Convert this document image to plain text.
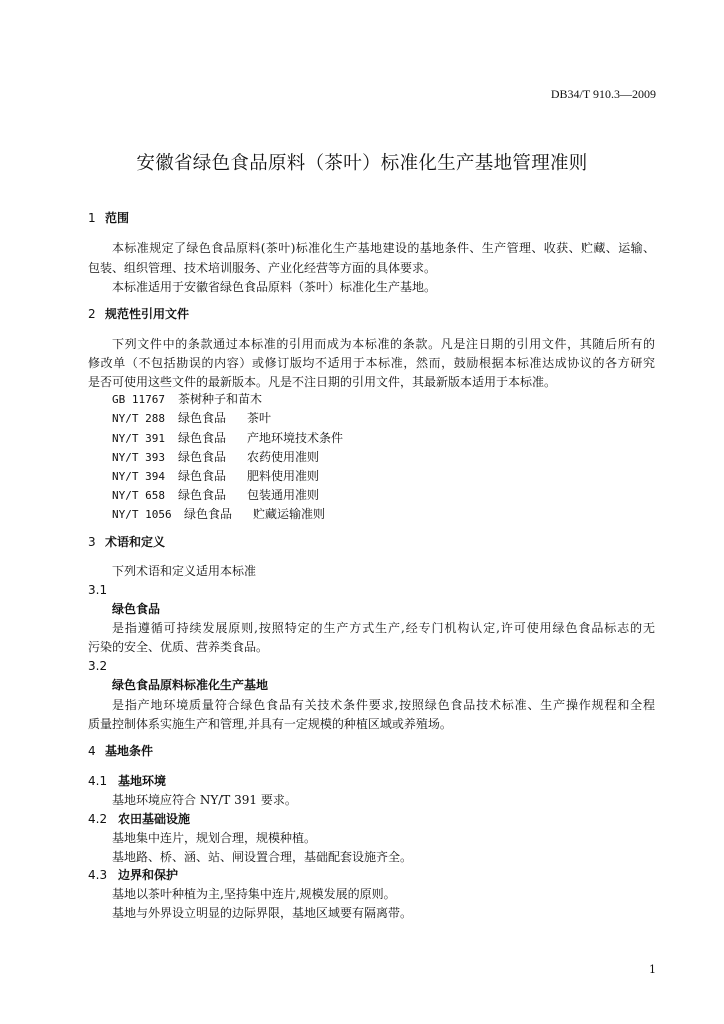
DB34/T 910.3—2009
安徽省绿色食品原料（茶叶）标准化生产基地管理准则
1 范围
本标准规定了绿色食品原料(茶叶)标准化生产基地建设的基地条件、生产管理、收获、贮藏、运输、
包装、组织管理、技术培训服务、产业化经营等方面的具体要求。
本标准适用于安徽省绿色食品原料（茶叶）标准化生产基地。
2 规范性引用文件
下列文件中的条款通过本标准的引用而成为本标准的条款。凡是注日期的引用文件，其随后所有的
修改单（不包括勘误的内容）或修订版均不适用于本标准，然而，鼓励根据本标准达成协议的各方研究
是否可使用这些文件的最新版本。凡是不注日期的引用文件，其最新版本适用于本标准。
GB 11767 茶树种子和苗木
NY/T 288 绿色食品 茶叶
NY/T 391 绿色食品 产地环境技术条件
NY/T 393 绿色食品 农药使用准则
NY/T 394 绿色食品 肥料使用准则
NY/T 658 绿色食品 包装通用准则
NY/T 1056 绿色食品 贮藏运输准则
3 术语和定义
下列术语和定义适用本标准
3.1
绿色食品
是指遵循可持续发展原则,按照特定的生产方式生产,经专门机构认定,许可使用绿色食品标志的无
污染的安全、优质、营养类食品。
3.2
绿色食品原料标准化生产基地
是指产地环境质量符合绿色食品有关技术条件要求,按照绿色食品技术标准、生产操作规程和全程
质量控制体系实施生产和管理,并具有一定规模的种植区域或养殖场。
4 基地条件
4.1 基地环境
基地环境应符合 NY/T 391 要求。
4.2 农田基础设施
基地集中连片，规划合理，规模种植。
基地路、桥、涵、站、闸设置合理，基础配套设施齐全。
4.3 边界和保护
基地以茶叶种植为主,坚持集中连片,规模发展的原则。
基地与外界设立明显的边际界限，基地区域要有隔离带。
1
